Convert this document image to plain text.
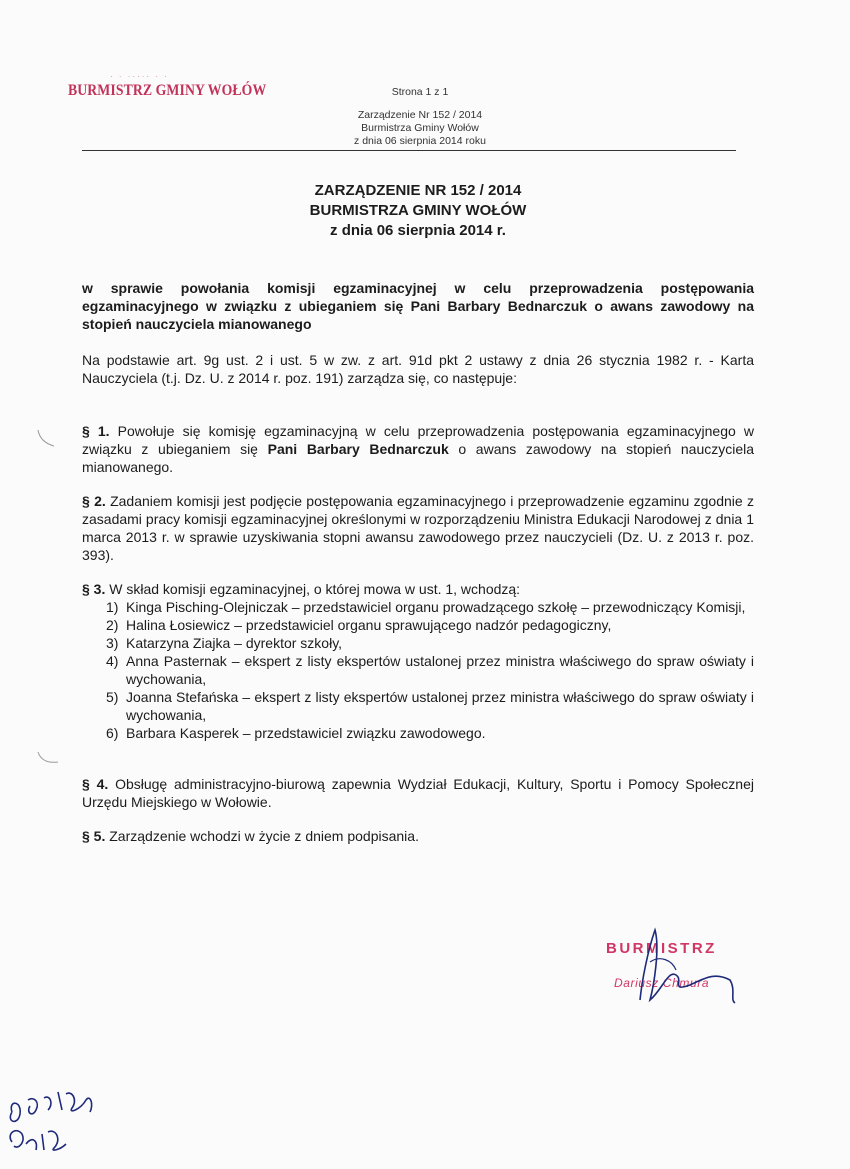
· · ····· · ·
BURMISTRZ GMINY WOŁÓW	Strona 1 z 1
Zarządzenie Nr 152 / 2014
Burmistrza Gminy Wołów
z dnia 06 sierpnia 2014 roku
ZARZĄDZENIE NR 152 / 2014
BURMISTRZA GMINY WOŁÓW
z dnia 06 sierpnia 2014 r.
w sprawie powołania komisji egzaminacyjnej w celu przeprowadzenia postępowania egzaminacyjnego w związku z ubieganiem się Pani Barbary Bednarczuk o awans zawodowy na stopień nauczyciela mianowanego
Na podstawie art. 9g ust. 2 i ust. 5 w zw. z art. 91d pkt 2 ustawy z dnia 26 stycznia 1982 r. - Karta Nauczyciela (t.j. Dz. U. z 2014 r. poz. 191) zarządza się, co następuje:
§ 1. Powołuje się komisję egzaminacyjną w celu przeprowadzenia postępowania egzaminacyjnego w związku z ubieganiem się Pani Barbary Bednarczuk o awans zawodowy na stopień nauczyciela mianowanego.
§ 2. Zadaniem komisji jest podjęcie postępowania egzaminacyjnego i przeprowadzenie egzaminu zgodnie z zasadami pracy komisji egzaminacyjnej określonymi w rozporządzeniu Ministra Edukacji Narodowej z dnia 1 marca 2013 r. w sprawie uzyskiwania stopni awansu zawodowego przez nauczycieli (Dz. U. z 2013 r. poz. 393).
§ 3. W skład komisji egzaminacyjnej, o której mowa w ust. 1, wchodzą:
Kinga Pisching-Olejniczak – przedstawiciel organu prowadzącego szkołę – przewodniczący Komisji,
Halina Łosiewicz – przedstawiciel organu sprawującego nadzór pedagogiczny,
Katarzyna Ziajka – dyrektor szkoły,
Anna Pasternak – ekspert z listy ekspertów ustalonej przez ministra właściwego do spraw oświaty i wychowania,
Joanna Stefańska – ekspert z listy ekspertów ustalonej przez ministra właściwego do spraw oświaty i wychowania,
Barbara Kasperek – przedstawiciel związku zawodowego.
§ 4. Obsługę administracyjno-biurową zapewnia Wydział Edukacji, Kultury, Sportu i Pomocy Społecznej Urzędu Miejskiego w Wołowie.
§ 5. Zarządzenie wchodzi w życie z dniem podpisania.
BURMISTRZ
Dariusz Chmura
